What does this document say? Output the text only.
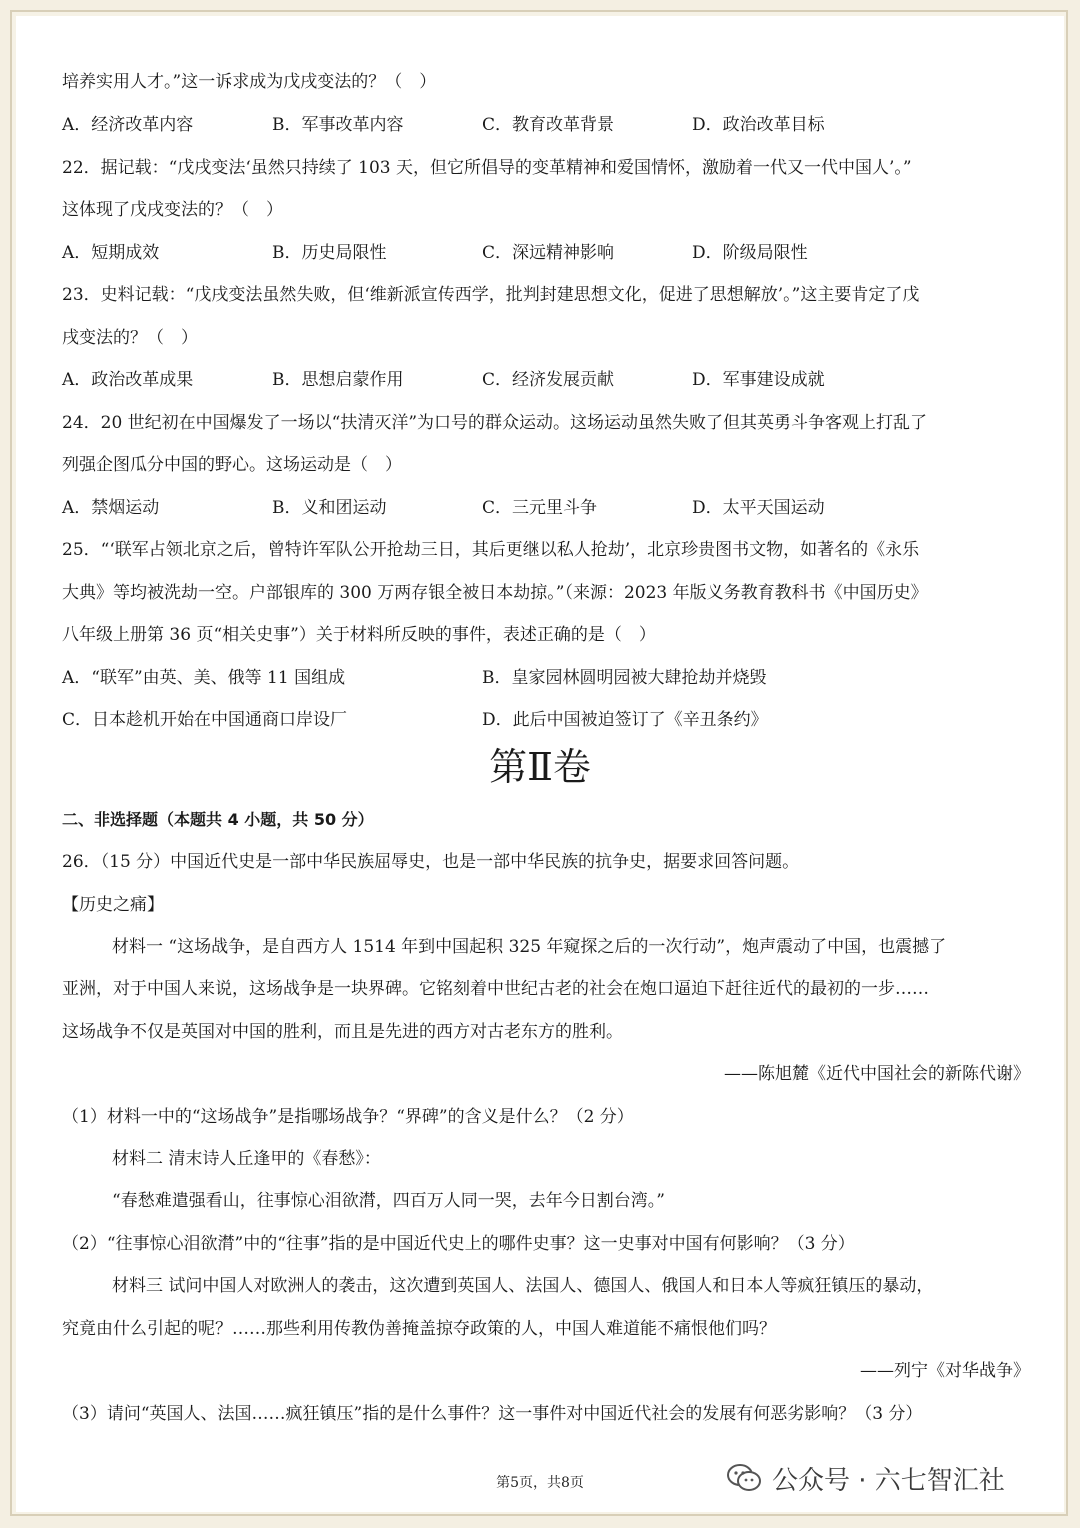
培养实用人才。”这一诉求成为戊戌变法的？（　）
A．经济改革内容	B．军事改革内容	C．教育改革背景	D．政治改革目标
22．据记载：“戊戌变法‘虽然只持续了 103 天，但它所倡导的变革精神和爱国情怀，激励着一代又一代中国人’。”
这体现了戊戌变法的？（　）
A．短期成效	B．历史局限性	C．深远精神影响	D．阶级局限性
23．史料记载：“戊戌变法虽然失败，但‘维新派宣传西学，批判封建思想文化，促进了思想解放’。”这主要肯定了戊
戌变法的？（　）
A．政治改革成果	B．思想启蒙作用	C．经济发展贡献	D．军事建设成就
24．20 世纪初在中国爆发了一场以“扶清灭洋”为口号的群众运动。这场运动虽然失败了但其英勇斗争客观上打乱了
列强企图瓜分中国的野心。这场运动是（　）
A．禁烟运动	B．义和团运动	C．三元里斗争	D．太平天国运动
25．“‘联军占领北京之后，曾特许军队公开抢劫三日，其后更继以私人抢劫’，北京珍贵图书文物，如著名的《永乐
大典》等均被洗劫一空。户部银库的 300 万两存银全被日本劫掠。”（来源：2023 年版义务教育教科书《中国历史》
八年级上册第 36 页“相关史事”）关于材料所反映的事件，表述正确的是（　）
A．“联军”由英、美、俄等 11 国组成	B．皇家园林圆明园被大肆抢劫并烧毁
C．日本趁机开始在中国通商口岸设厂	D．此后中国被迫签订了《辛丑条约》
第Ⅱ卷
二、非选择题（本题共 4 小题，共 50 分）
26．（15 分）中国近代史是一部中华民族屈辱史，也是一部中华民族的抗争史，据要求回答问题。
【历史之痛】
材料一 “这场战争，是自西方人 1514 年到中国起积 325 年窥探之后的一次行动”，炮声震动了中国，也震撼了
亚洲，对于中国人来说，这场战争是一块界碑。它铭刻着中世纪古老的社会在炮口逼迫下赶往近代的最初的一步……
这场战争不仅是英国对中国的胜利，而且是先进的西方对古老东方的胜利。
——陈旭麓《近代中国社会的新陈代谢》
（1）材料一中的“这场战争”是指哪场战争？“界碑”的含义是什么？（2 分）
材料二 清末诗人丘逢甲的《春愁》：
“春愁难遣强看山，往事惊心泪欲潸，四百万人同一哭，去年今日割台湾。”
（2）“往事惊心泪欲潸”中的“往事”指的是中国近代史上的哪件史事？这一史事对中国有何影响？（3 分）
材料三 试问中国人对欧洲人的袭击，这次遭到英国人、法国人、德国人、俄国人和日本人等疯狂镇压的暴动，
究竟由什么引起的呢？……那些利用传教伪善掩盖掠夺政策的人，中国人难道能不痛恨他们吗？
——列宁《对华战争》
（3）请问“英国人、法国……疯狂镇压”指的是什么事件？这一事件对中国近代社会的发展有何恶劣影响？（3 分）
第5页，共8页	公众号 · 六七智汇社
